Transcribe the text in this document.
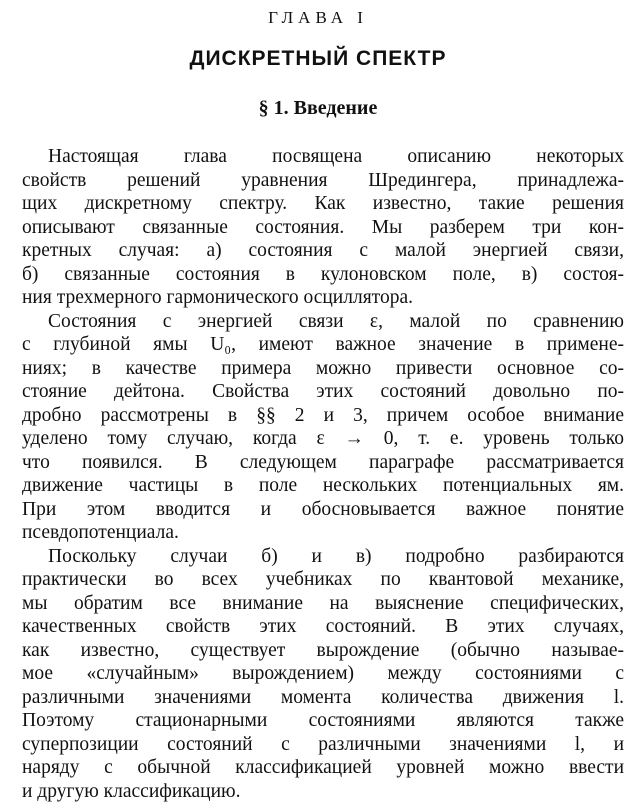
ГЛАВА I
ДИСКРЕТНЫЙ СПЕКТР
§ 1. Введение
Настоящая глава посвящена описанию некоторых
свойств решений уравнения Шредингера, принадлежа-
щих дискретному спектру. Как известно, такие решения
описывают связанные состояния. Мы разберем три кон-
кретных случая: а) состояния с малой энергией связи,
б) связанные состояния в кулоновском поле, в) состоя-
ния трехмерного гармонического осциллятора.
Состояния с энергией связи ε, малой по сравнению
с глубиной ямы U₀, имеют важное значение в примене-
ниях; в качестве примера можно привести основное со-
стояние дейтона. Свойства этих состояний довольно по-
дробно рассмотрены в §§ 2 и 3, причем особое внимание
уделено тому случаю, когда ε → 0, т. е. уровень только
что появился. В следующем параграфе рассматривается
движение частицы в поле нескольких потенциальных ям.
При этом вводится и обосновывается важное понятие
псевдопотенциала.
Поскольку случаи б) и в) подробно разбираются
практически во всех учебниках по квантовой механике,
мы обратим все внимание на выяснение специфических,
качественных свойств этих состояний. В этих случаях,
как известно, существует вырождение (обычно называе-
мое «случайным» вырождением) между состояниями с
различными значениями момента количества движения l.
Поэтому стационарными состояниями являются также
суперпозиции состояний с различными значениями l, и
наряду с обычной классификацией уровней можно ввести
и другую классификацию.
